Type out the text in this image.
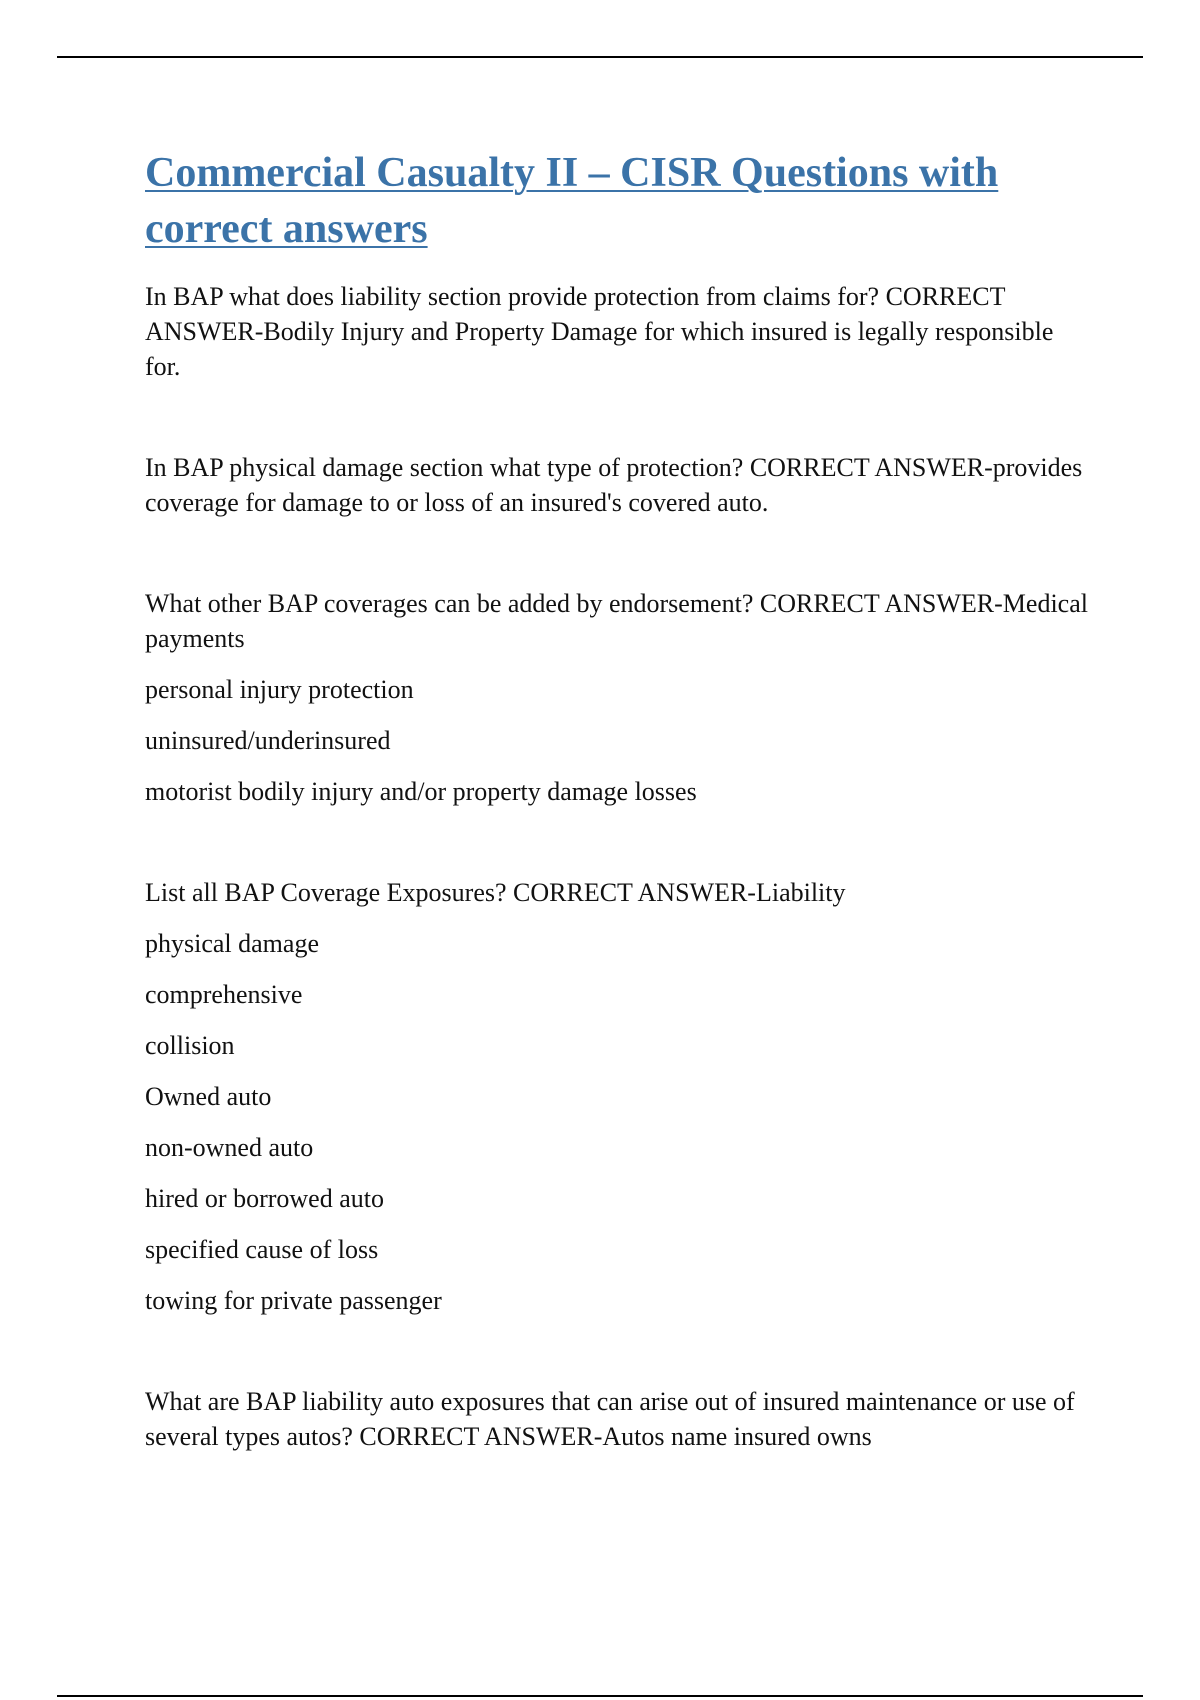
Commercial Casualty II – CISR Questions with correct answers

In BAP what does liability section provide protection from claims for? CORRECT ANSWER-Bodily Injury and Property Damage for which insured is legally responsible for.

In BAP physical damage section what type of protection? CORRECT ANSWER-provides coverage for damage to or loss of an insured's covered auto.

What other BAP coverages can be added by endorsement? CORRECT ANSWER-Medical payments

personal injury protection

uninsured/underinsured

motorist bodily injury and/or property damage losses

List all BAP Coverage Exposures? CORRECT ANSWER-Liability

physical damage

comprehensive

collision

Owned auto

non-owned auto

hired or borrowed auto

specified cause of loss

towing for private passenger

What are BAP liability auto exposures that can arise out of insured maintenance or use of several types autos? CORRECT ANSWER-Autos name insured owns
